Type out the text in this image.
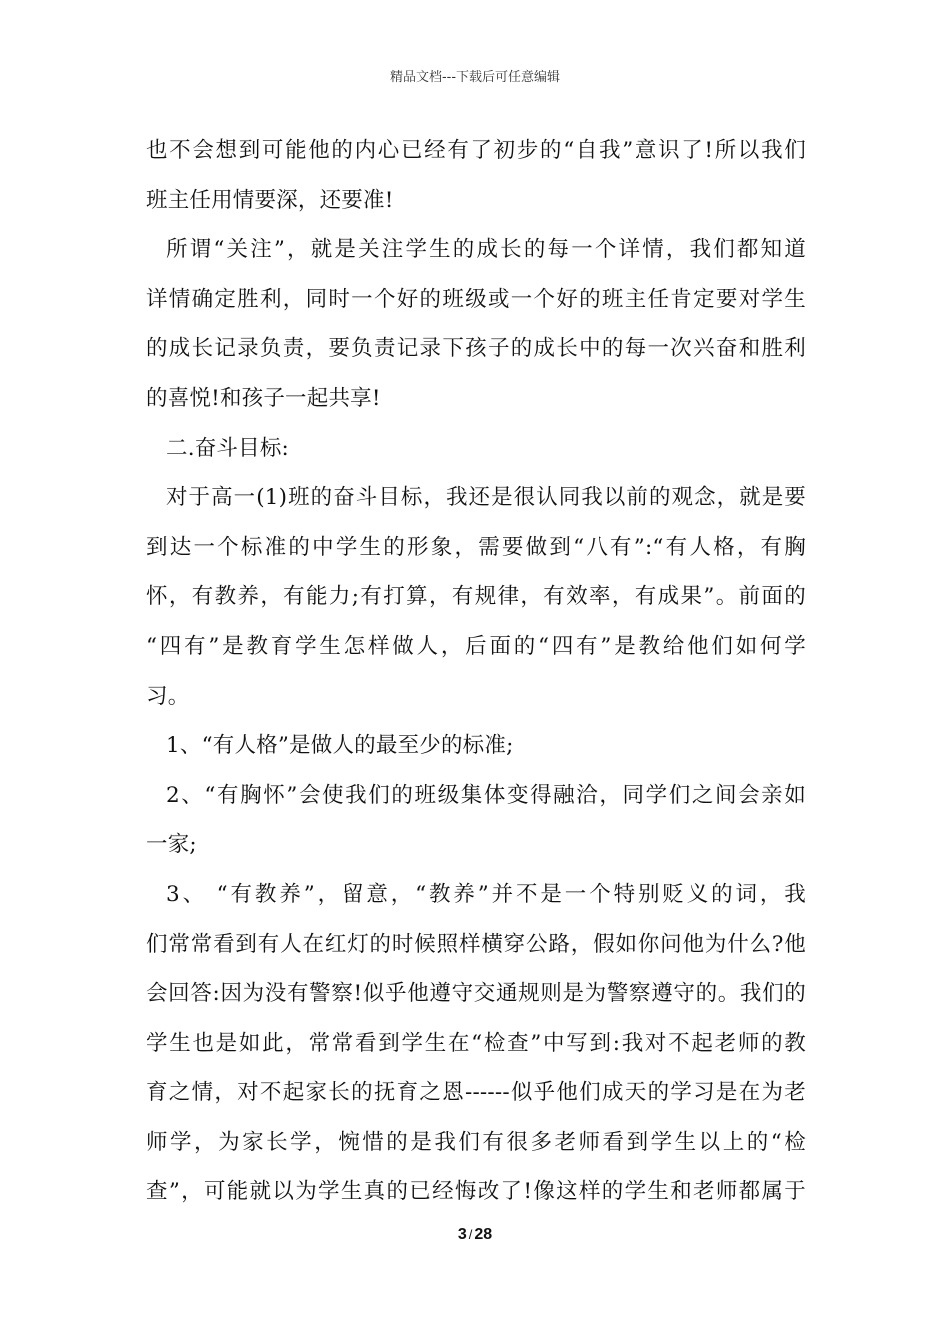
精品文档---下载后可任意编辑
也不会想到可能他的内心已经有了初步的“自我”意识了!所以我们
班主任用情要深，还要准!
所谓“关注”，就是关注学生的成长的每一个详情，我们都知道
详情确定胜利，同时一个好的班级或一个好的班主任肯定要对学生
的成长记录负责，要负责记录下孩子的成长中的每一次兴奋和胜利
的喜悦!和孩子一起共享!
二.奋斗目标:
对于高一(1)班的奋斗目标，我还是很认同我以前的观念，就是要
到达一个标准的中学生的形象，需要做到“八有”:“有人格，有胸
怀，有教养，有能力;有打算，有规律，有效率，有成果”。前面的
“四有”是教育学生怎样做人，后面的“四有”是教给他们如何学
习。
1、“有人格”是做人的最至少的标准;
2、“有胸怀”会使我们的班级集体变得融洽，同学们之间会亲如
一家;
3、 “有教养”，留意，“教养”并不是一个特别贬义的词，我
们常常看到有人在红灯的时候照样横穿公路，假如你问他为什么?他
会回答:因为没有警察!似乎他遵守交通规则是为警察遵守的。我们的
学生也是如此，常常看到学生在“检查”中写到:我对不起老师的教
育之情，对不起家长的抚育之恩------似乎他们成天的学习是在为老
师学，为家长学，惋惜的是我们有很多老师看到学生以上的“检
查”，可能就以为学生真的已经悔改了!像这样的学生和老师都属于
3 / 28
